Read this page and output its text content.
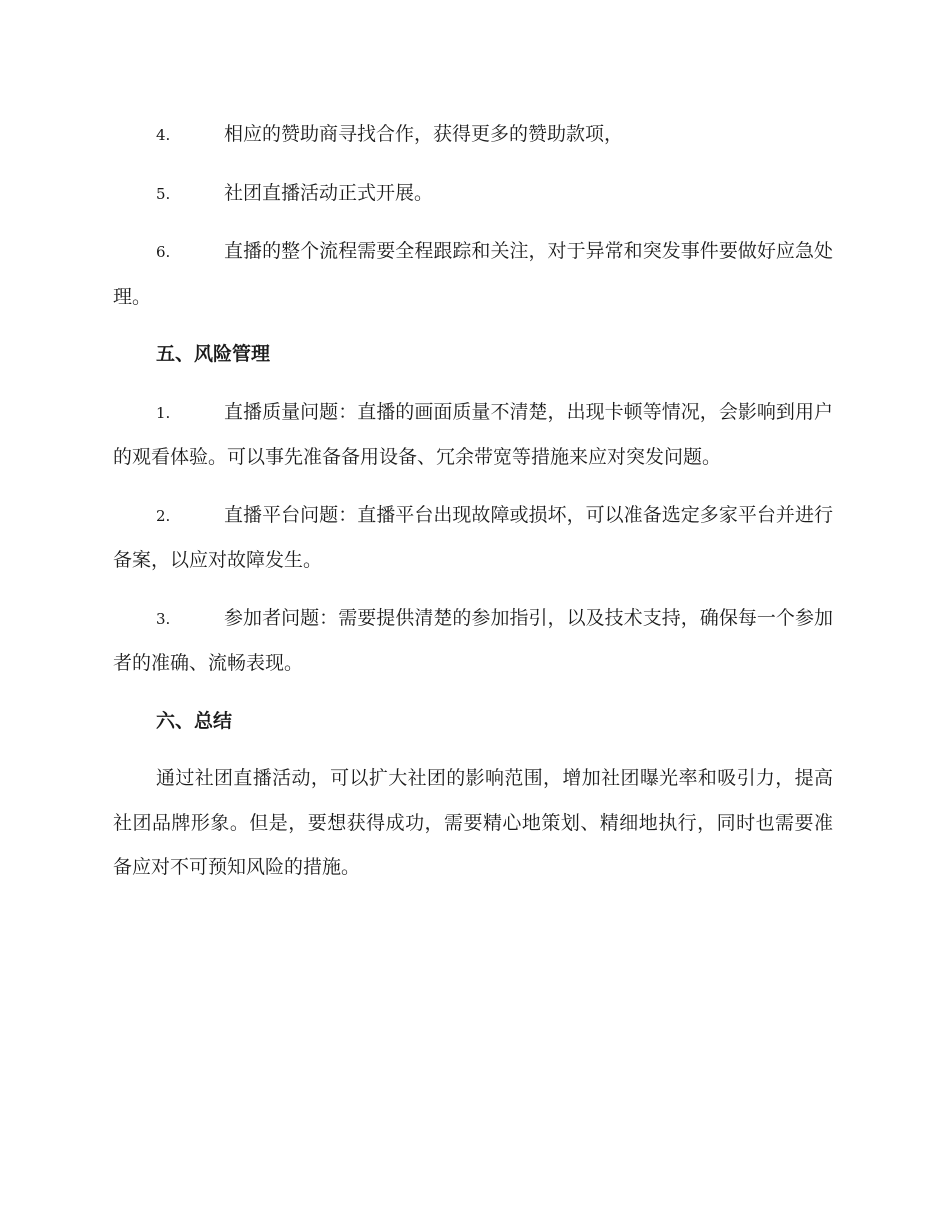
4.	相应的赞助商寻找合作，获得更多的赞助款项，
5.	社团直播活动正式开展。
6.	直播的整个流程需要全程跟踪和关注，对于异常和突发事件要做好应急处理。
五、风险管理
1.	直播质量问题：直播的画面质量不清楚，出现卡顿等情况，会影响到用户的观看体验。可以事先准备备用设备、冗余带宽等措施来应对突发问题。
2.	直播平台问题：直播平台出现故障或损坏，可以准备选定多家平台并进行备案，以应对故障发生。
3.	参加者问题：需要提供清楚的参加指引，以及技术支持，确保每一个参加者的准确、流畅表现。
六、总结

通过社团直播活动，可以扩大社团的影响范围，增加社团曝光率和吸引力，提高社团品牌形象。但是，要想获得成功，需要精心地策划、精细地执行，同时也需要准备应对不可预知风险的措施。
